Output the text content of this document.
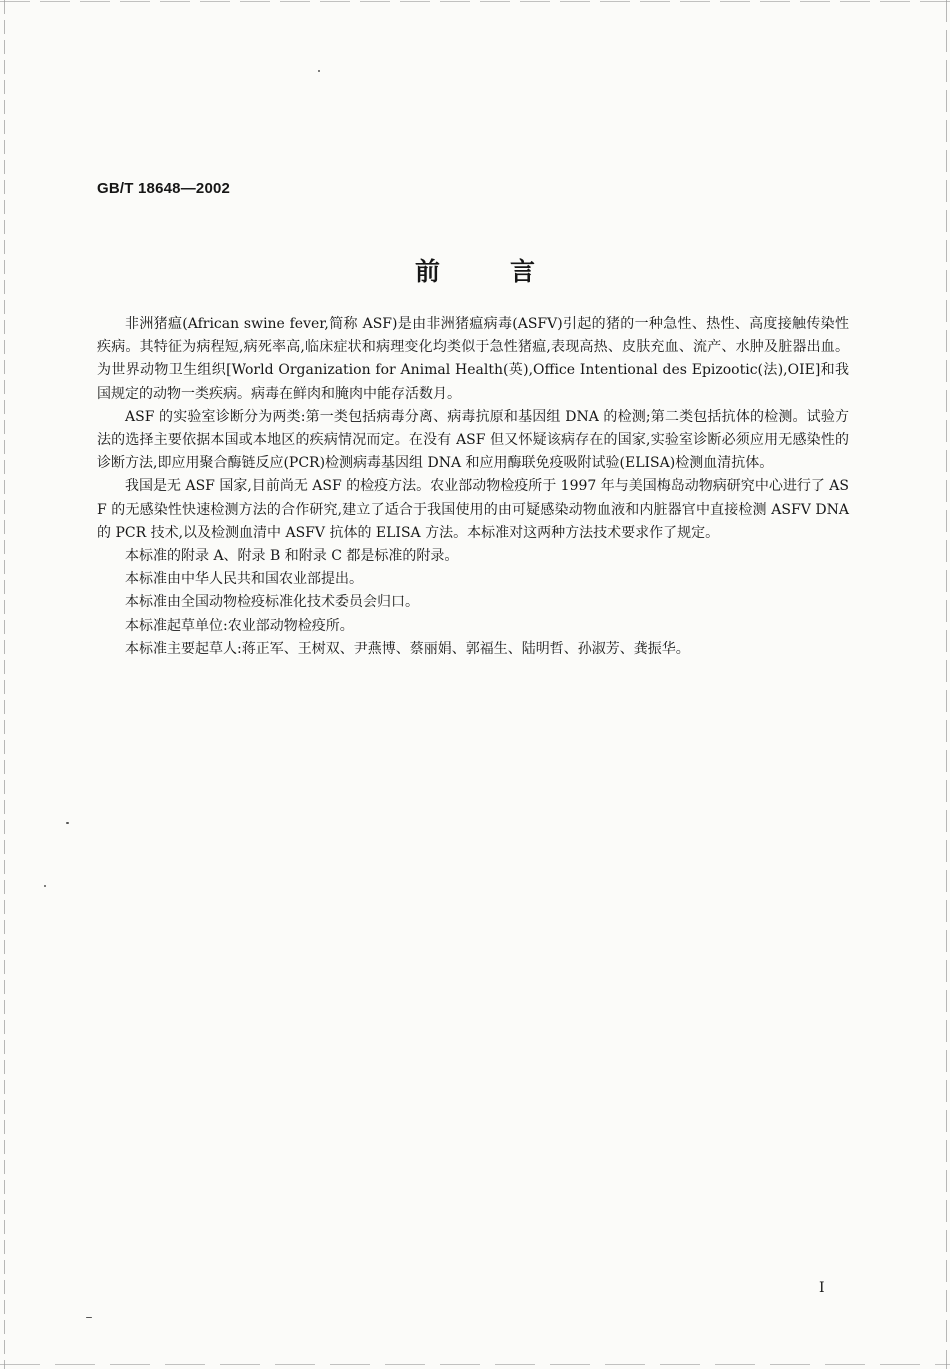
GB/T 18648—2002
前言

非洲猪瘟(African swine fever,简称 ASF)是由非洲猪瘟病毒(ASFV)引起的猪的一种急性、热性、高度接触传染性疾病。其特征为病程短,病死率高,临床症状和病理变化均类似于急性猪瘟,表现高热、皮肤充血、流产、水肿及脏器出血。为世界动物卫生组织[World Organization for Animal Health(英),Office Intentional des Epizootic(法),OIE]和我国规定的动物一类疾病。病毒在鲜肉和腌肉中能存活数月。

ASF 的实验室诊断分为两类:第一类包括病毒分离、病毒抗原和基因组 DNA 的检测;第二类包括抗体的检测。试验方法的选择主要依据本国或本地区的疾病情况而定。在没有 ASF 但又怀疑该病存在的国家,实验室诊断必须应用无感染性的诊断方法,即应用聚合酶链反应(PCR)检测病毒基因组 DNA 和应用酶联免疫吸附试验(ELISA)检测血清抗体。

我国是无 ASF 国家,目前尚无 ASF 的检疫方法。农业部动物检疫所于 1997 年与美国梅岛动物病研究中心进行了 ASF 的无感染性快速检测方法的合作研究,建立了适合于我国使用的由可疑感染动物血液和内脏器官中直接检测 ASFV DNA 的 PCR 技术,以及检测血清中 ASFV 抗体的 ELISA 方法。本标准对这两种方法技术要求作了规定。

本标准的附录 A、附录 B 和附录 C 都是标准的附录。

本标准由中华人民共和国农业部提出。

本标准由全国动物检疫标准化技术委员会归口。

本标准起草单位:农业部动物检疫所。

本标准主要起草人:蒋正军、王树双、尹燕博、蔡丽娟、郭福生、陆明哲、孙淑芳、龚振华。

I
